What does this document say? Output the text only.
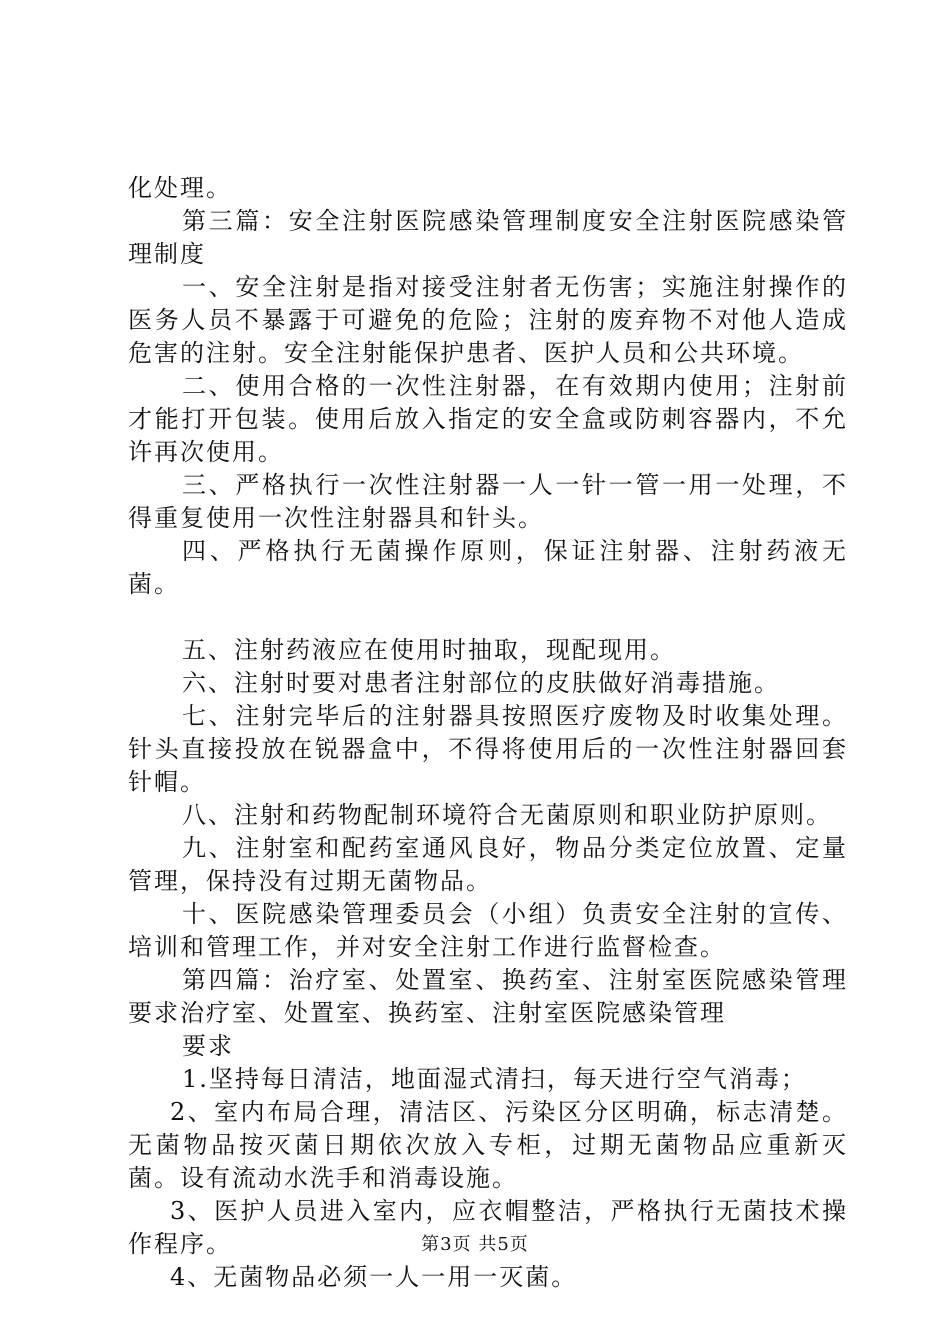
化处理。

第三篇：安全注射医院感染管理制度安全注射医院感染管理制度

一、安全注射是指对接受注射者无伤害；实施注射操作的医务人员不暴露于可避免的危险；注射的废弃物不对他人造成危害的注射。安全注射能保护患者、医护人员和公共环境。

二、使用合格的一次性注射器，在有效期内使用；注射前才能打开包装。使用后放入指定的安全盒或防刺容器内，不允许再次使用。

三、严格执行一次性注射器一人一针一管一用一处理，不得重复使用一次性注射器具和针头。

四、严格执行无菌操作原则，保证注射器、注射药液无菌。

五、注射药液应在使用时抽取，现配现用。

六、注射时要对患者注射部位的皮肤做好消毒措施。

七、注射完毕后的注射器具按照医疗废物及时收集处理。针头直接投放在锐器盒中，不得将使用后的一次性注射器回套针帽。

八、注射和药物配制环境符合无菌原则和职业防护原则。

九、注射室和配药室通风良好，物品分类定位放置、定量管理，保持没有过期无菌物品。

十、医院感染管理委员会（小组）负责安全注射的宣传、培训和管理工作，并对安全注射工作进行监督检查。

第四篇：治疗室、处置室、换药室、注射室医院感染管理要求治疗室、处置室、换药室、注射室医院感染管理

要求

1.坚持每日清洁，地面湿式清扫，每天进行空气消毒；

2、室内布局合理，清洁区、污染区分区明确，标志清楚。无菌物品按灭菌日期依次放入专柜，过期无菌物品应重新灭菌。设有流动水洗手和消毒设施。

3、医护人员进入室内，应衣帽整洁，严格执行无菌技术操作程序。

4、无菌物品必须一人一用一灭菌。

第3页 共5页
